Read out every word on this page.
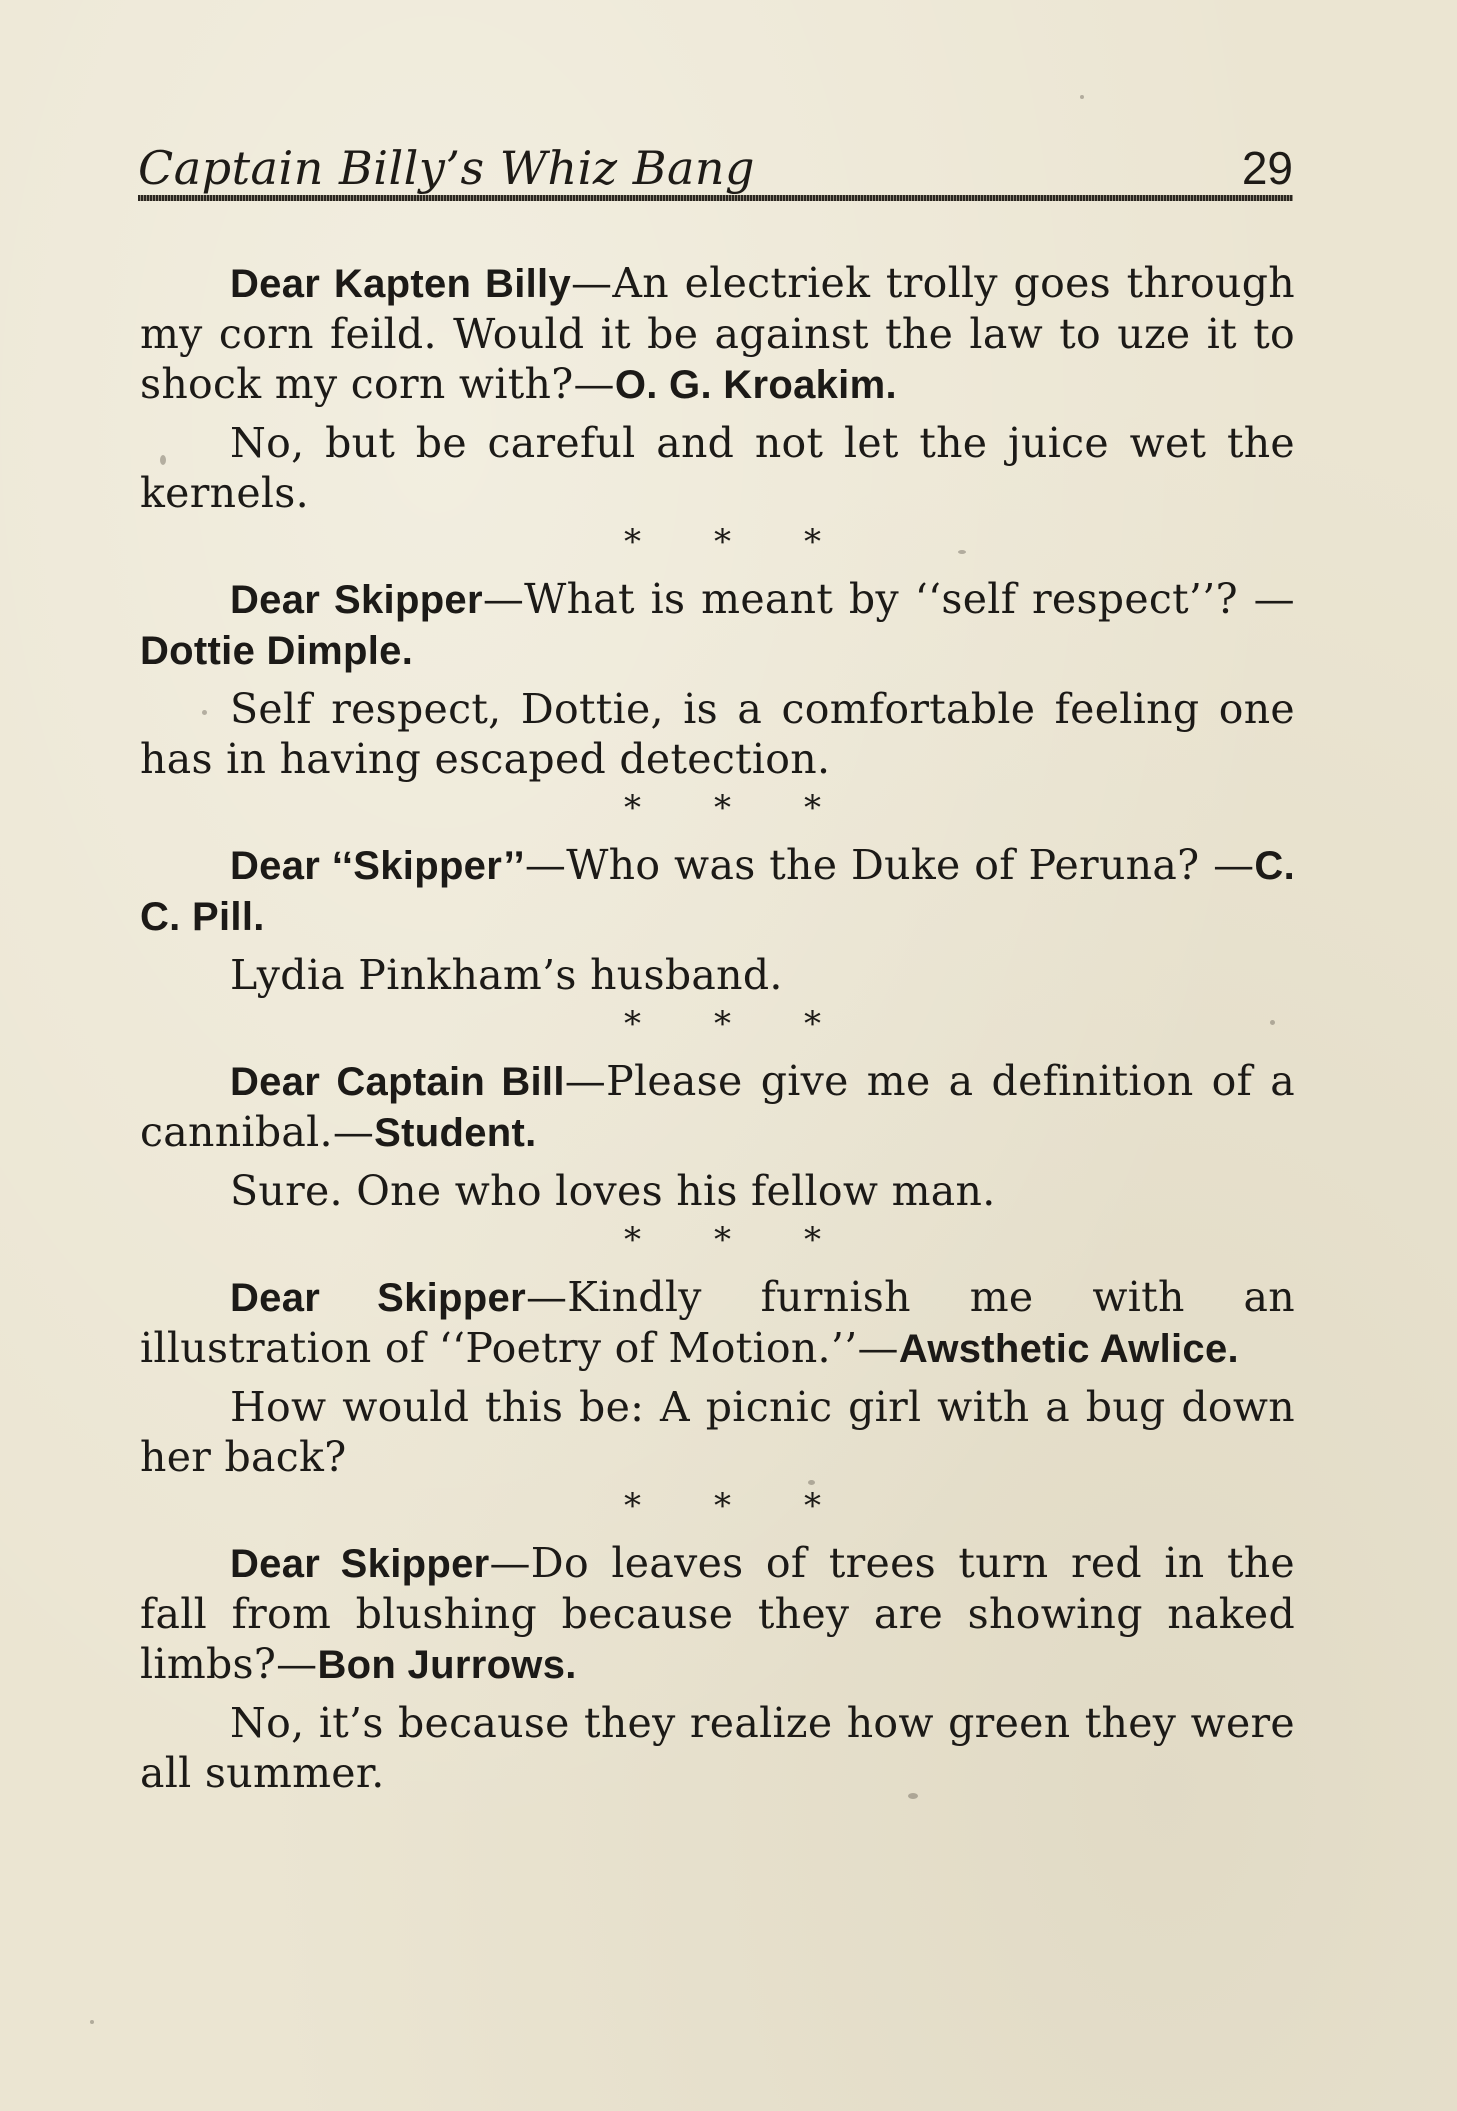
Captain Billy’s Whiz Bang	29

Dear Kapten Billy—An electriek trolly goes through my corn feild. Would it be against the law to uze it to shock my corn with?—O. G. Kroakim.

No, but be careful and not let the juice wet the kernels.

* * *

Dear Skipper—What is meant by ‘‘self respect’’? —Dottie Dimple.

Self respect, Dottie, is a comfortable feeling one has in having escaped detection.

* * *

Dear ‘‘Skipper’’—Who was the Duke of Peruna? —C. C. Pill.

Lydia Pinkham’s husband.

* * *

Dear Captain Bill—Please give me a definition of a cannibal.—Student.

Sure. One who loves his fellow man.

* * *

Dear Skipper—Kindly furnish me with an illustration of ‘‘Poetry of Motion.’’—Awsthetic Awlice.

How would this be: A picnic girl with a bug down her back?

* * *

Dear Skipper—Do leaves of trees turn red in the fall from blushing because they are showing naked limbs?—Bon Jurrows.

No, it’s because they realize how green they were all summer.
